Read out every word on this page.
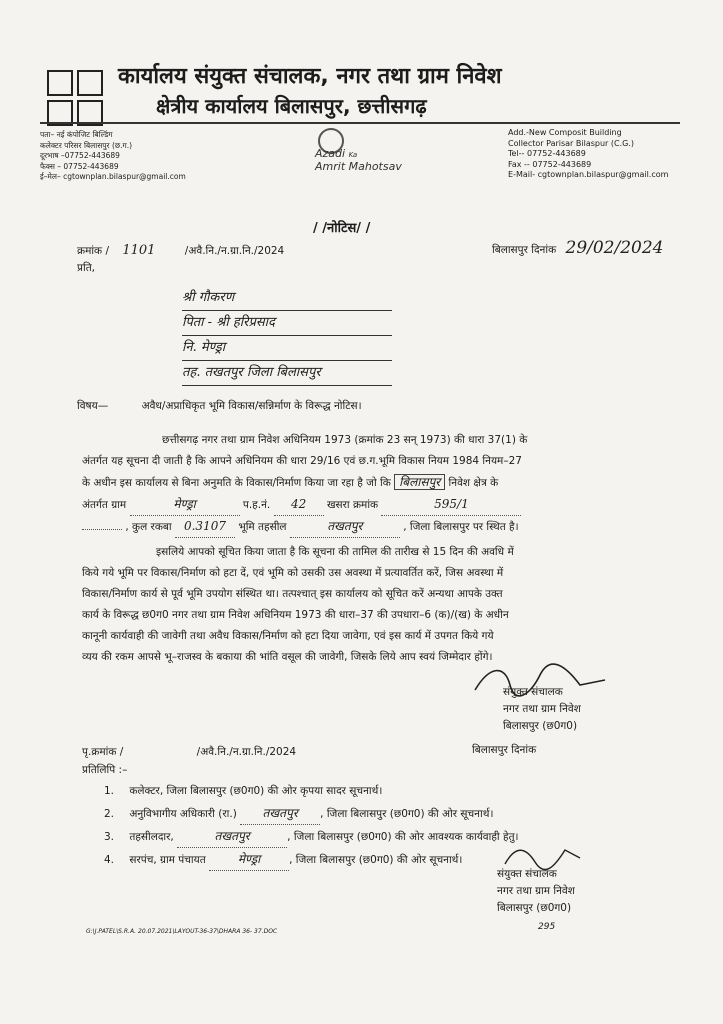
कार्यालय संयुक्त संचालक, नगर तथा ग्राम निवेश
क्षेत्रीय कार्यालय बिलासपुर, छत्तीसगढ़
पता– नई कंपोजिट बिल्डिंग
कलेक्टर परिसर बिलासपुर (छ.ग.)
दूरभाष –07752-443689
फैक्स – 07752-443689
ई–मेल– cgtownplan.bilaspur@gmail.com
Azadi Ka
Amrit Mahotsav
Add.-New Composit Building
Collector Parisar Bilaspur (C.G.)
Tel-- 07752-443689
Fax -- 07752-443689
E-Mail- cgtownplan.bilaspur@gmail.com
/ /नोटिस/ /
क्रमांक / 1101	/अवै.नि./न.ग्रा.नि./2024	बिलासपुर दिनांक 29/02/2024
प्रति,
श्री गौकरण
पिता - श्री हरिप्रसाद
नि. मेण्ड्रा
तह. तखतपुर जिला बिलासपुर
विषय—	अवैध/अप्राधिकृत भूमि विकास/सन्निर्माण के विरूद्ध नोटिस।
छत्तीसगढ़ नगर तथा ग्राम निवेश अधिनियम 1973 (क्रमांक 23 सन् 1973) की धारा 37(1) के
अंतर्गत यह सूचना दी जाती है कि आपने अधिनियम की धारा 29/16 एवं छ.ग.भूमि विकास नियम 1984 नियम–27
के अधीन इस कार्यालय से बिना अनुमति के विकास/निर्माण किया जा रहा है जो कि बिलासपुर निवेश क्षेत्र के
अंतर्गत ग्राम	मेण्ड्रा	प.ह.नं. 42 खसरा क्रमांक	595/1
, कुल रकबा 0.3107 भूमि तहसील	तखतपुर	, जिला बिलासपुर पर स्थित है।
इसलिये आपको सूचित किया जाता है कि सूचना की तामिल की तारीख से 15 दिन की अवधि में
किये गये भूमि पर विकास/निर्माण को हटा दें, एवं भूमि को उसकी उस अवस्था में प्रत्यावर्तित करें, जिस अवस्था में
विकास/निर्माण कार्य से पूर्व भूमि उपयोग संस्थित था। तत्पश्चात् इस कार्यालय को सूचित करें अन्यथा आपके उक्त
कार्य के विरूद्ध छ0ग0 नगर तथा ग्राम निवेश अधिनियम 1973 की धारा–37 की उपधारा–6 (क)/(ख) के अधीन
कानूनी कार्यवाही की जावेगी तथा अवैध विकास/निर्माण को हटा दिया जावेगा, एवं इस कार्य में उपगत किये गये
व्यय की रकम आपसे भू–राजस्व के बकाया की भांति वसूल की जावेगी, जिसके लिये आप स्वयं जिम्मेदार होंगे।
संयुक्त संचालक
नगर तथा ग्राम निवेश
बिलासपुर (छ0ग0)
पृ.क्रमांक /	/अवै.नि./न.ग्रा.नि./2024	बिलासपुर दिनांक
प्रतिलिपि :–
1. कलेक्टर, जिला बिलासपुर (छ0ग0) की ओर कृपया सादर सूचनार्थ।
2. अनुविभागीय अधिकारी (रा.) तखतपुर , जिला बिलासपुर (छ0ग0) की ओर सूचनार्थ।
3. तहसीलदार,	तखतपुर	, जिला बिलासपुर (छ0ग0) की ओर आवश्यक कार्यवाही हेतु।
4. सरपंच, ग्राम पंचायत	मेण्ड्रा	, जिला बिलासपुर (छ0ग0) की ओर सूचनार्थ।
संयुक्त संचालक
नगर तथा ग्राम निवेश
बिलासपुर (छ0ग0)
G:\J.PATEL\S.R.A. 20.07.2021\LAYOUT-36-37\DHARA 36- 37.DOC	295
